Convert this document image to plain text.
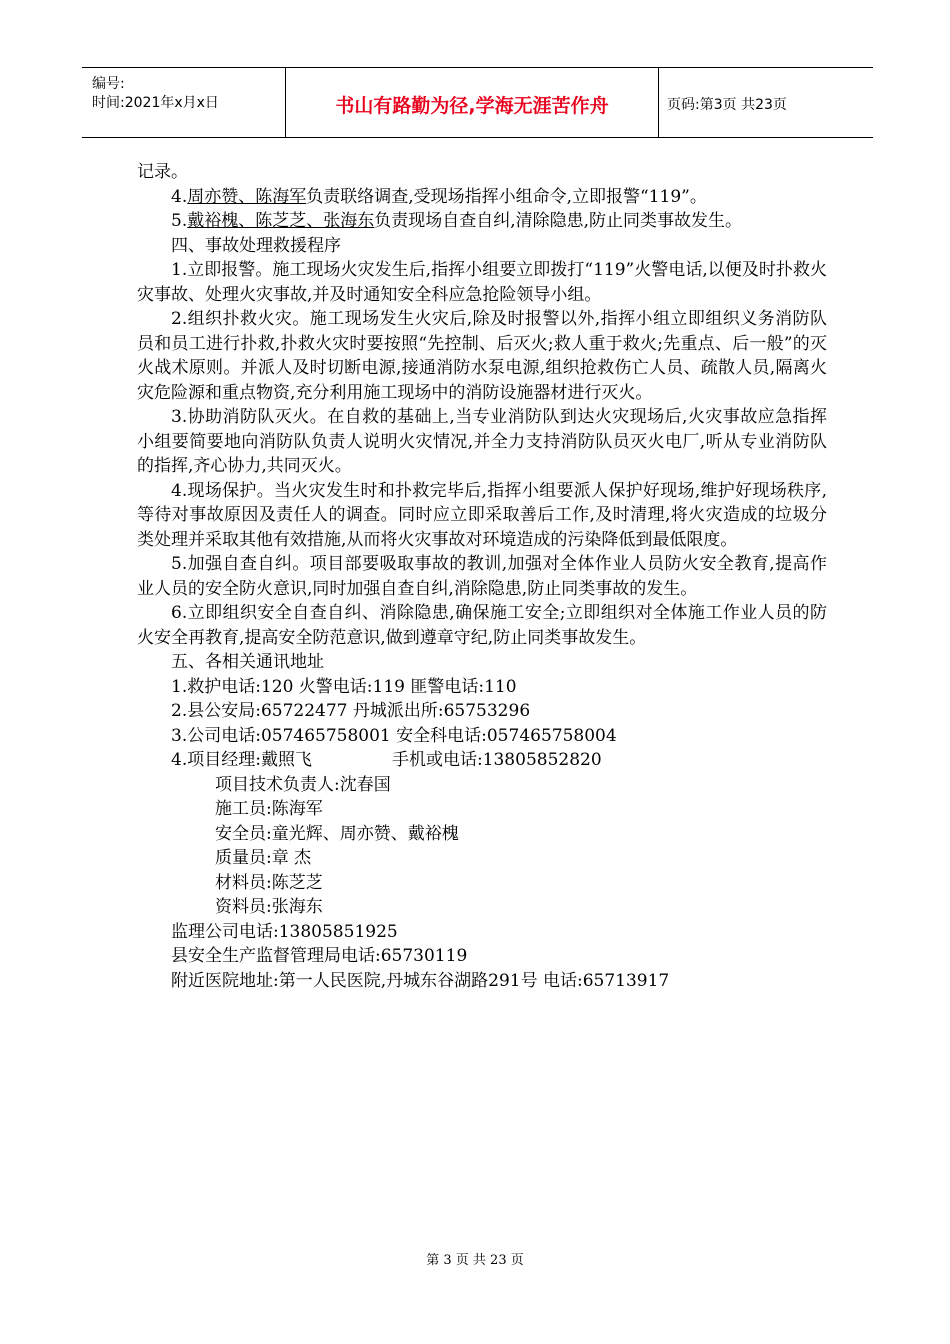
编号:
时间:2021年x月x日	书山有路勤为径,学海无涯苦作舟	页码:第3页 共23页

记录。

4.周亦赞、陈海军负责联络调查,受现场指挥小组命令,立即报警“119”。

5.戴裕槐、陈芝芝、张海东负责现场自查自纠,清除隐患,防止同类事故发生。

四、事故处理救援程序

1.立即报警。施工现场火灾发生后,指挥小组要立即拨打“119”火警电话,以便及时扑救火灾事故、处理火灾事故,并及时通知安全科应急抢险领导小组。

2.组织扑救火灾。施工现场发生火灾后,除及时报警以外,指挥小组立即组织义务消防队员和员工进行扑救,扑救火灾时要按照“先控制、后灭火;救人重于救火;先重点、后一般”的灭火战术原则。并派人及时切断电源,接通消防水泵电源,组织抢救伤亡人员、疏散人员,隔离火灾危险源和重点物资,充分利用施工现场中的消防设施器材进行灭火。

3.协助消防队灭火。在自救的基础上,当专业消防队到达火灾现场后,火灾事故应急指挥小组要简要地向消防队负责人说明火灾情况,并全力支持消防队员灭火电厂,听从专业消防队的指挥,齐心协力,共同灭火。

4.现场保护。当火灾发生时和扑救完毕后,指挥小组要派人保护好现场,维护好现场秩序,等待对事故原因及责任人的调查。同时应立即采取善后工作,及时清理,将火灾造成的垃圾分类处理并采取其他有效措施,从而将火灾事故对环境造成的污染降低到最低限度。

5.加强自查自纠。项目部要吸取事故的教训,加强对全体作业人员防火安全教育,提高作业人员的安全防火意识,同时加强自查自纠,消除隐患,防止同类事故的发生。

6.立即组织安全自查自纠、消除隐患,确保施工安全;立即组织对全体施工作业人员的防火安全再教育,提高安全防范意识,做到遵章守纪,防止同类事故发生。

五、各相关通讯地址

1.救护电话:120 火警电话:119 匪警电话:110

2.县公安局:65722477 丹城派出所:65753296

3.公司电话:057465758001 安全科电话:057465758004

4.项目经理:戴照飞	手机或电话:13805852820

项目技术负责人:沈春国

施工员:陈海军

安全员:童光辉、周亦赞、戴裕槐

质量员:章 杰

材料员:陈芝芝

资料员:张海东

监理公司电话:13805851925

县安全生产监督管理局电话:65730119

附近医院地址:第一人民医院,丹城东谷湖路291号 电话:65713917

第 3 页 共 23 页
